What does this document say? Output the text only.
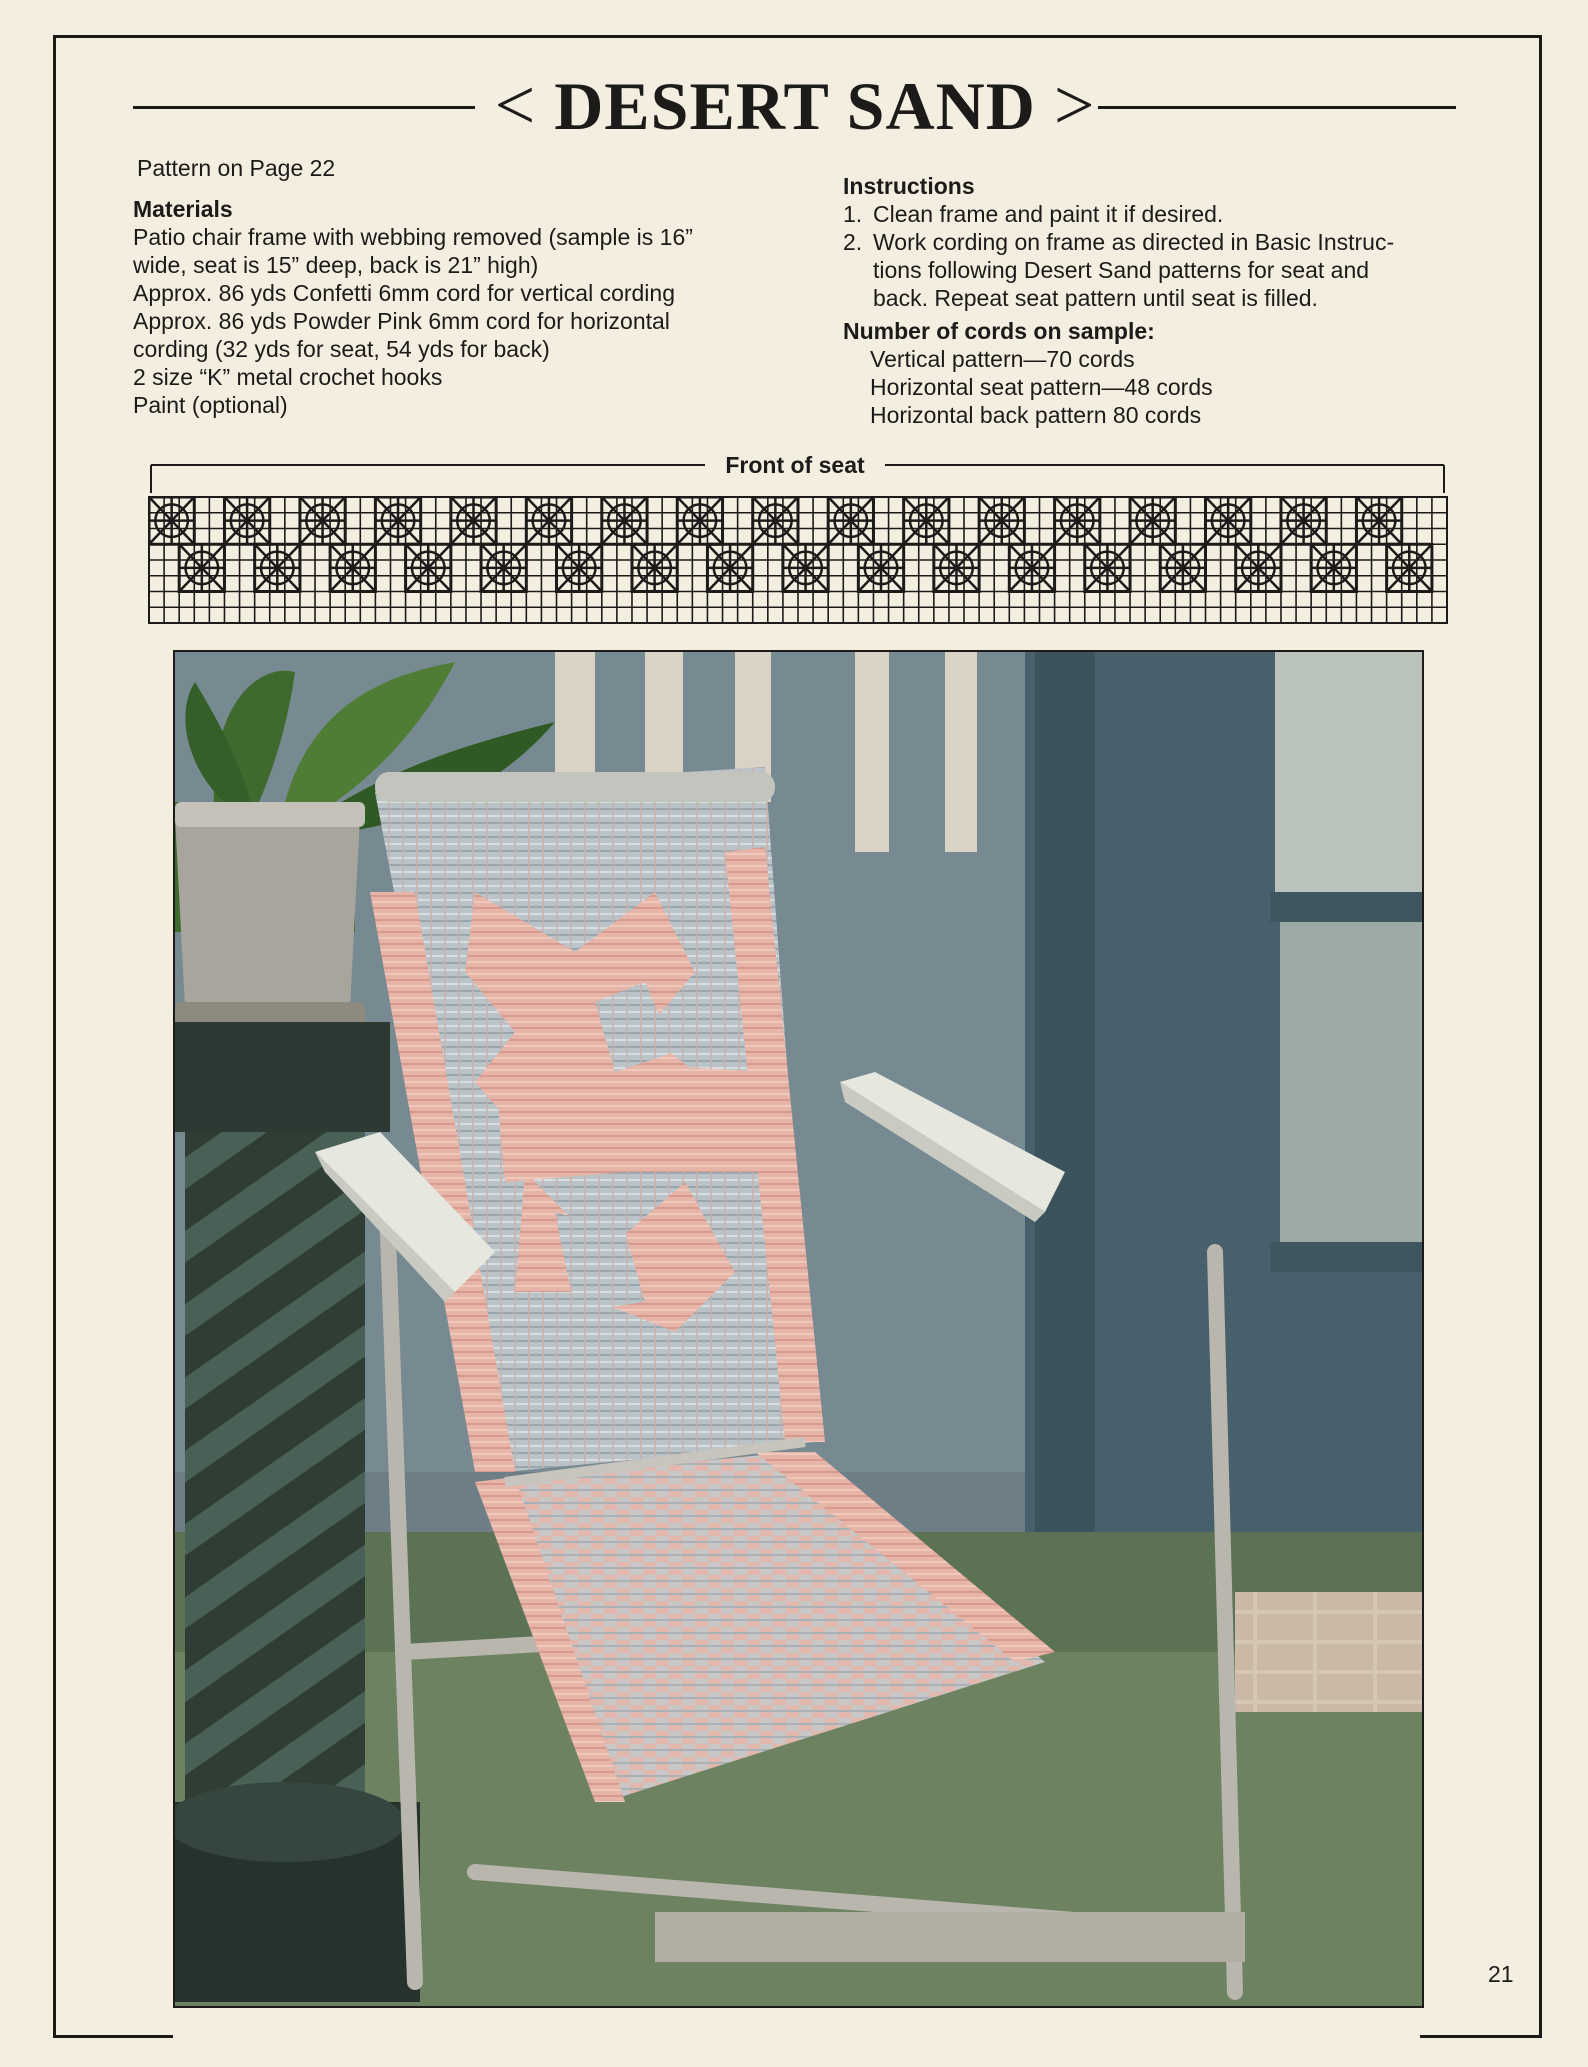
< DESERT SAND >
Pattern on Page 22
Materials
Patio chair frame with webbing removed (sample is 16”
wide, seat is 15” deep, back is 21” high)
Approx. 86 yds Confetti 6mm cord for vertical cording
Approx. 86 yds Powder Pink 6mm cord for horizontal
cording (32 yds for seat, 54 yds for back)
2 size “K” metal crochet hooks
Paint (optional)
Instructions
1. Clean frame and paint it if desired.
2. Work cording on frame as directed in Basic Instruc-
tions following Desert Sand patterns for seat and
back. Repeat seat pattern until seat is filled.
Number of cords on sample:
Vertical pattern—70 cords
Horizontal seat pattern—48 cords
Horizontal back pattern 80 cords
Front of seat
21
